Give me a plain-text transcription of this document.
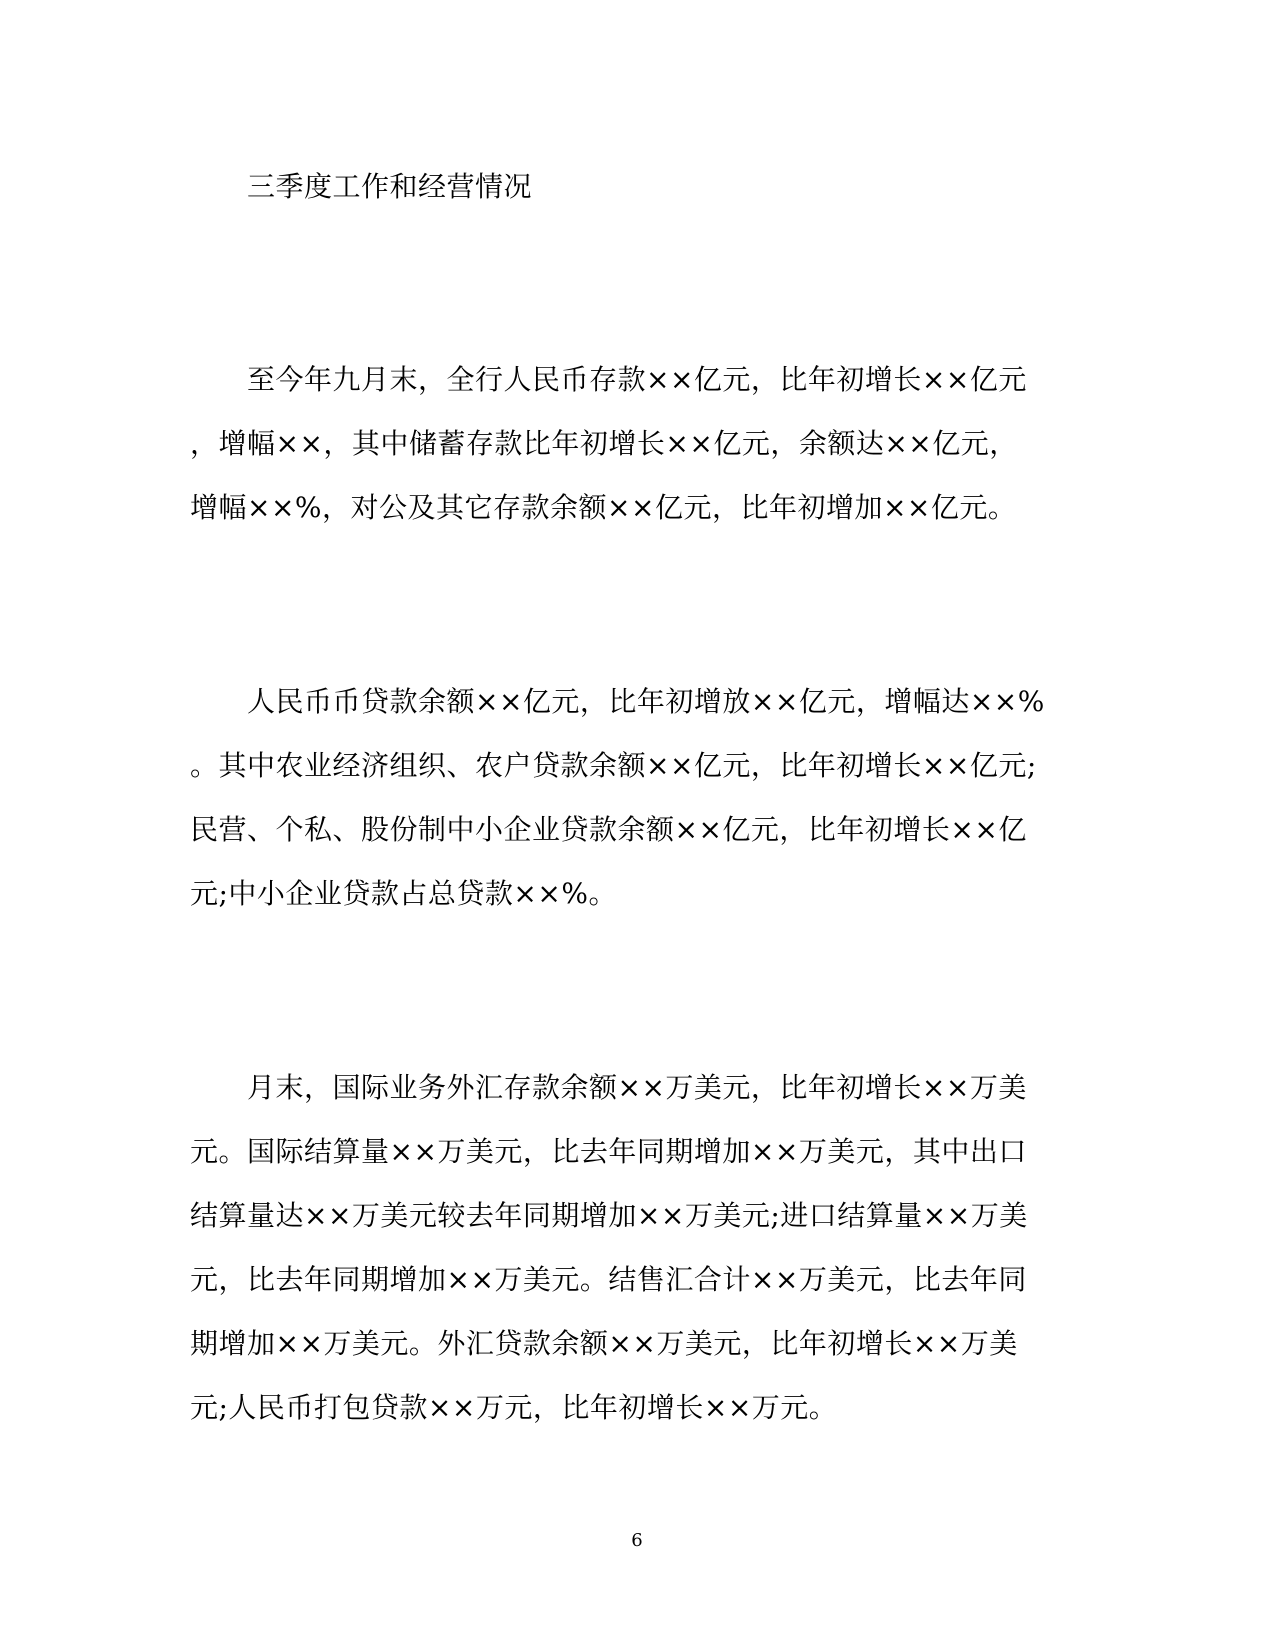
三季度工作和经营情况
至今年九月末，全行人民币存款××亿元，比年初增长××亿元
，增幅××，其中储蓄存款比年初增长××亿元，余额达××亿元，
增幅××%，对公及其它存款余额××亿元，比年初增加××亿元。
人民币币贷款余额××亿元，比年初增放××亿元，增幅达××%
。其中农业经济组织、农户贷款余额××亿元，比年初增长××亿元;
民营、个私、股份制中小企业贷款余额××亿元，比年初增长××亿
元;中小企业贷款占总贷款××%。
月末，国际业务外汇存款余额××万美元，比年初增长××万美
元。国际结算量××万美元，比去年同期增加××万美元，其中出口
结算量达××万美元较去年同期增加××万美元;进口结算量××万美
元，比去年同期增加××万美元。结售汇合计××万美元，比去年同
期增加××万美元。外汇贷款余额××万美元，比年初增长××万美
元;人民币打包贷款××万元，比年初增长××万元。
6
